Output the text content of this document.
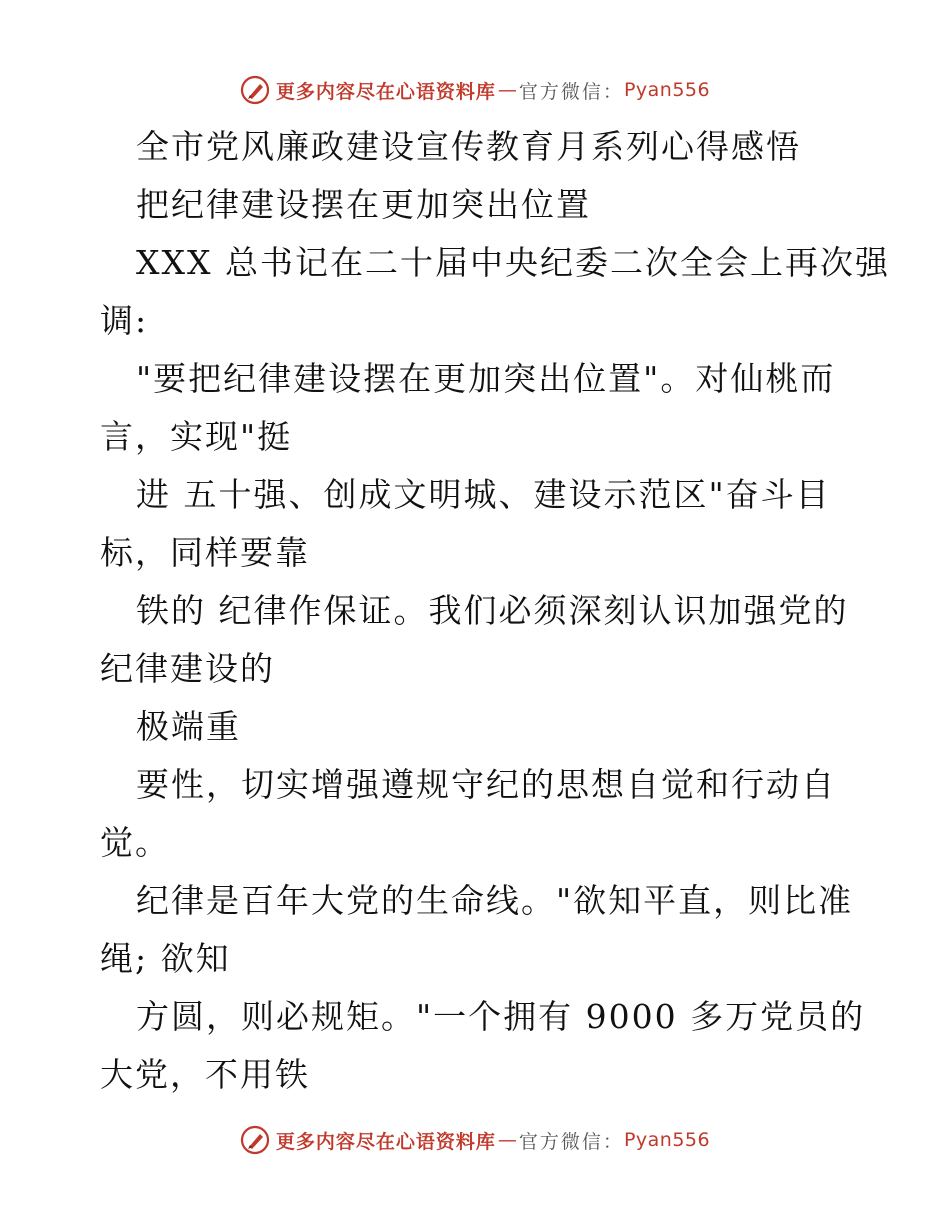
更多内容尽在心语资料库 — 官方微信： Pyan556
全市党风廉政建设宣传教育月系列心得感悟
把纪律建设摆在更加突出位置
XXX 总书记在二十届中央纪委二次全会上再次强
调:
"要把纪律建设摆在更加突出位置"。对仙桃而
言，实现"挺
进 五十强、创成文明城、建设示范区"奋斗目
标，同样要靠
铁的 纪律作保证。我们必须深刻认识加强党的
纪律建设的
极端重
要性，切实增强遵规守纪的思想自觉和行动自
觉。
纪律是百年大党的生命线。"欲知平直，则比准
绳; 欲知
方圆，则必规矩。"一个拥有 9000 多万党员的
大党，不用铁
更多内容尽在心语资料库 — 官方微信： Pyan556
